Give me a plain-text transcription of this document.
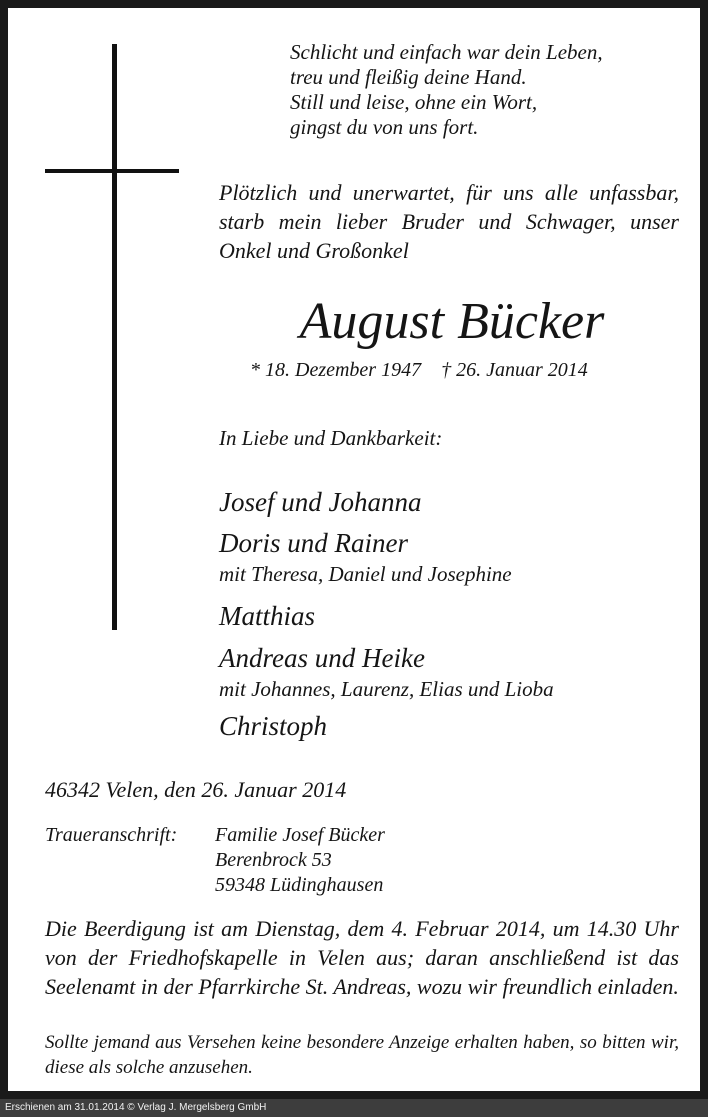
Schlicht und einfach war dein Leben,
treu und fleißig deine Hand.
Still und leise, ohne ein Wort,
gingst du von uns fort.
Plötzlich und unerwartet, für uns alle unfassbar, starb mein lieber Bruder und Schwager, unser Onkel und Großonkel
August Bücker
* 18. Dezember 1947 † 26. Januar 2014
In Liebe und Dankbarkeit:
Josef und Johanna
Doris und Rainer
mit Theresa, Daniel und Josephine
Matthias
Andreas und Heike
mit Johannes, Laurenz, Elias und Lioba
Christoph
46342 Velen, den 26. Januar 2014
Traueranschrift: Familie Josef Bücker
Berenbrock 53
59348 Lüdinghausen
Die Beerdigung ist am Dienstag, dem 4. Februar 2014, um 14.30 Uhr von der Friedhofskapelle in Velen aus; daran anschließend ist das Seelenamt in der Pfarrkirche St. Andreas, wozu wir freundlich einladen.
Sollte jemand aus Versehen keine besondere Anzeige erhalten haben, so bitten wir, diese als solche anzusehen.
Erschienen am 31.01.2014 © Verlag J. Mergelsberg GmbH
